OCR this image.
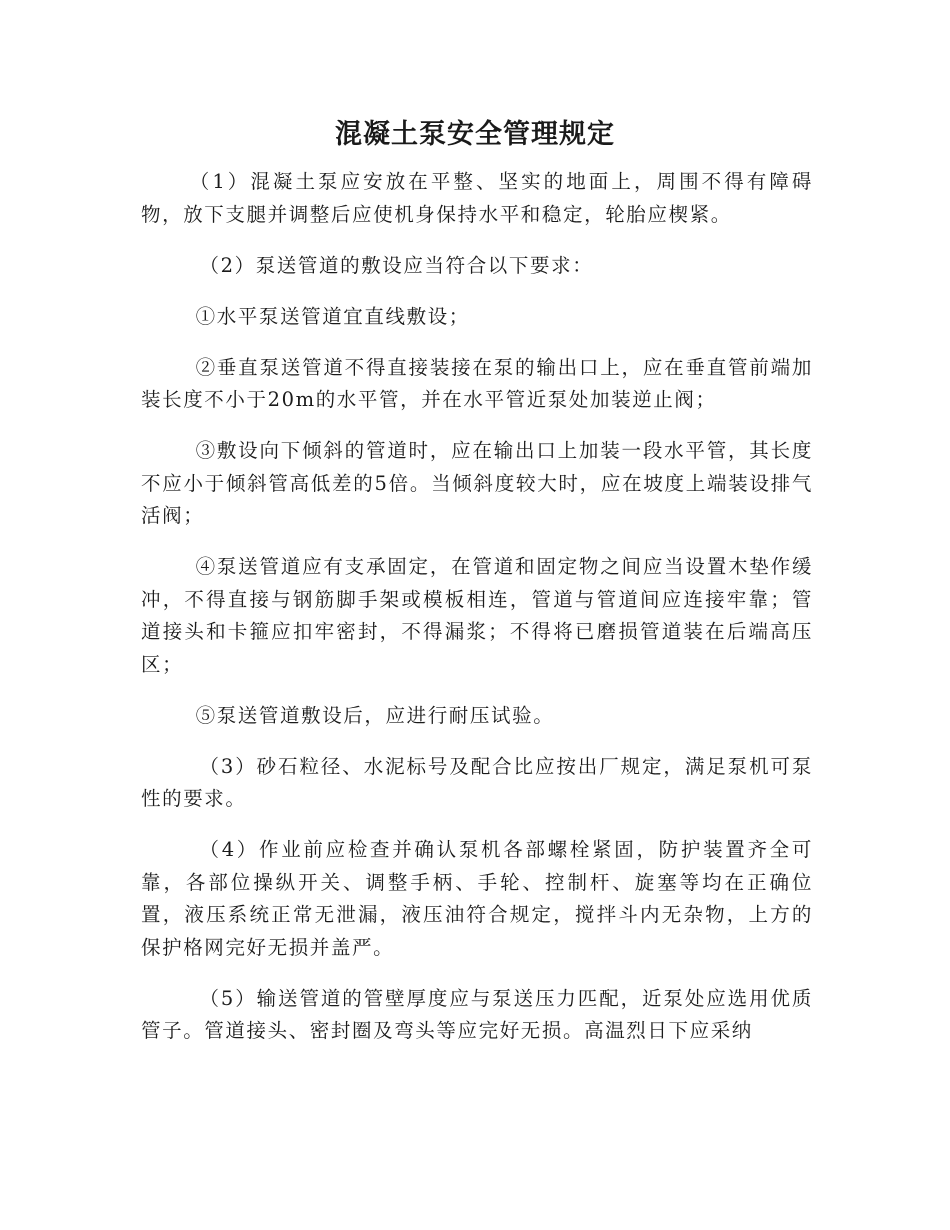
混凝土泵安全管理规定

（1）混凝土泵应安放在平整、坚实的地面上，周围不得有障碍物，放下支腿并调整后应使机身保持水平和稳定，轮胎应楔紧。

（2）泵送管道的敷设应当符合以下要求：

①水平泵送管道宜直线敷设；

②垂直泵送管道不得直接装接在泵的输出口上，应在垂直管前端加装长度不小于20m的水平管，并在水平管近泵处加装逆止阀；

③敷设向下倾斜的管道时，应在输出口上加装一段水平管，其长度不应小于倾斜管高低差的5倍。当倾斜度较大时，应在坡度上端装设排气活阀；

④泵送管道应有支承固定，在管道和固定物之间应当设置木垫作缓冲，不得直接与钢筋脚手架或模板相连，管道与管道间应连接牢靠；管道接头和卡箍应扣牢密封，不得漏浆；不得将已磨损管道装在后端高压区；

⑤泵送管道敷设后，应进行耐压试验。

（3）砂石粒径、水泥标号及配合比应按出厂规定，满足泵机可泵性的要求。

（4）作业前应检查并确认泵机各部螺栓紧固，防护装置齐全可靠，各部位操纵开关、调整手柄、手轮、控制杆、旋塞等均在正确位置，液压系统正常无泄漏，液压油符合规定，搅拌斗内无杂物，上方的保护格网完好无损并盖严。

（5）输送管道的管壁厚度应与泵送压力匹配，近泵处应选用优质管子。管道接头、密封圈及弯头等应完好无损。高温烈日下应采纳
